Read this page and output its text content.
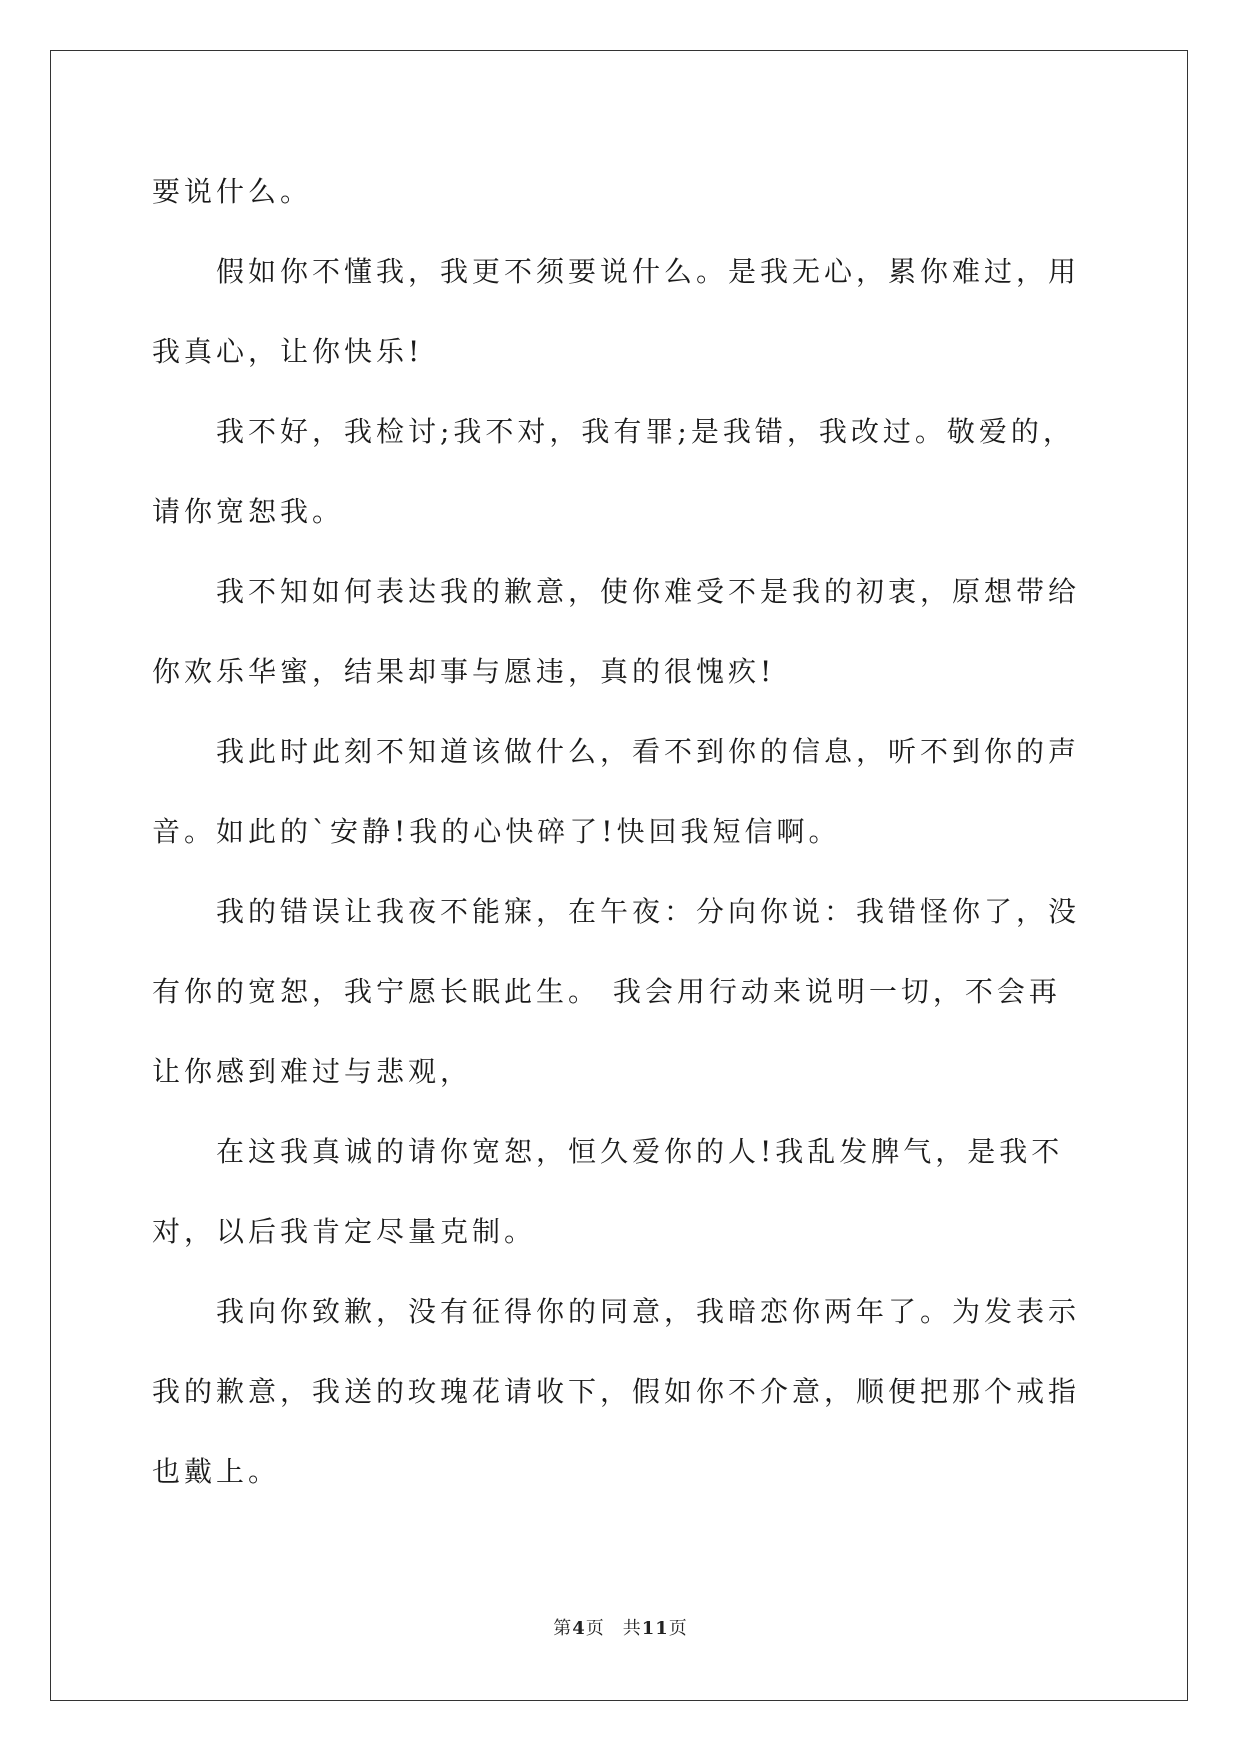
要说什么。

假如你不懂我，我更不须要说什么。是我无心，累你难过，用我真心，让你快乐!

我不好，我检讨;我不对，我有罪;是我错，我改过。敬爱的，请你宽恕我。

我不知如何表达我的歉意，使你难受不是我的初衷，原想带给你欢乐华蜜，结果却事与愿违，真的很愧疚!

我此时此刻不知道该做什么，看不到你的信息，听不到你的声音。如此的`安静!我的心快碎了!快回我短信啊。

我的错误让我夜不能寐，在午夜：分向你说：我错怪你了，没有你的宽恕，我宁愿长眠此生。 我会用行动来说明一切，不会再让你感到难过与悲观，

在这我真诚的请你宽恕，恒久爱你的人!我乱发脾气，是我不对，以后我肯定尽量克制。

我向你致歉，没有征得你的同意，我暗恋你两年了。为发表示我的歉意，我送的玫瑰花请收下，假如你不介意，顺便把那个戒指也戴上。

第4页 共11页
